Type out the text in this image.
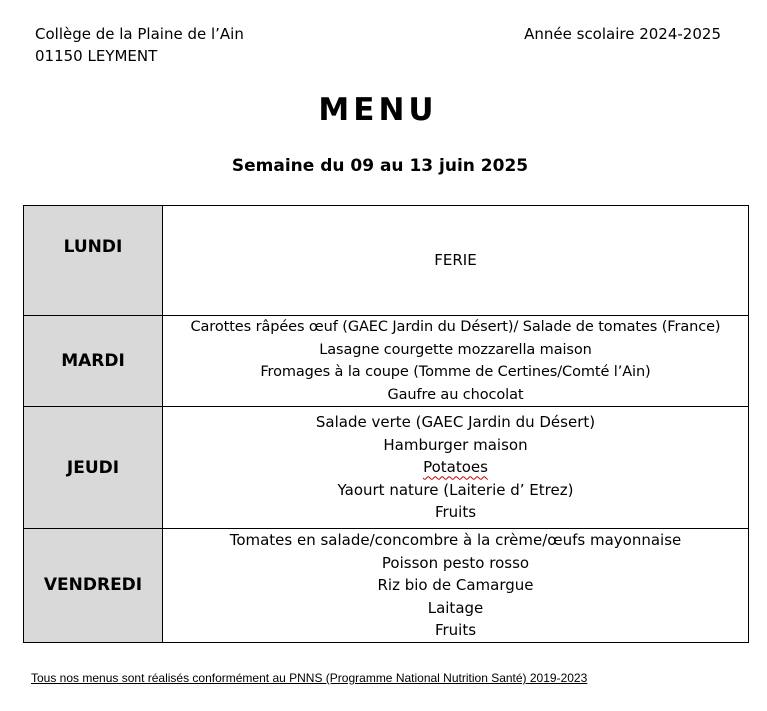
Collège de la Plaine de l’Ain
01150 LEYMENT
Année scolaire 2024-2025
MENU
Semaine du 09 au 13 juin 2025
LUNDI	FERIE

MARDI	Carottes râpées œuf (GAEC Jardin du Désert)/ Salade de tomates (France)
Lasagne courgette mozzarella maison
Fromages à la coupe (Tomme de Certines/Comté l’Ain)
Gaufre au chocolat

JEUDI	Salade verte (GAEC Jardin du Désert)
Hamburger maison
Potatoes
Yaourt nature (Laiterie d’ Etrez)
Fruits

VENDREDI	Tomates en salade/concombre à la crème/œufs mayonnaise
Poisson pesto rosso
Riz bio de Camargue
Laitage
Fruits
Tous nos menus sont réalisés conformément au PNNS (Programme National Nutrition Santé) 2019-2023
